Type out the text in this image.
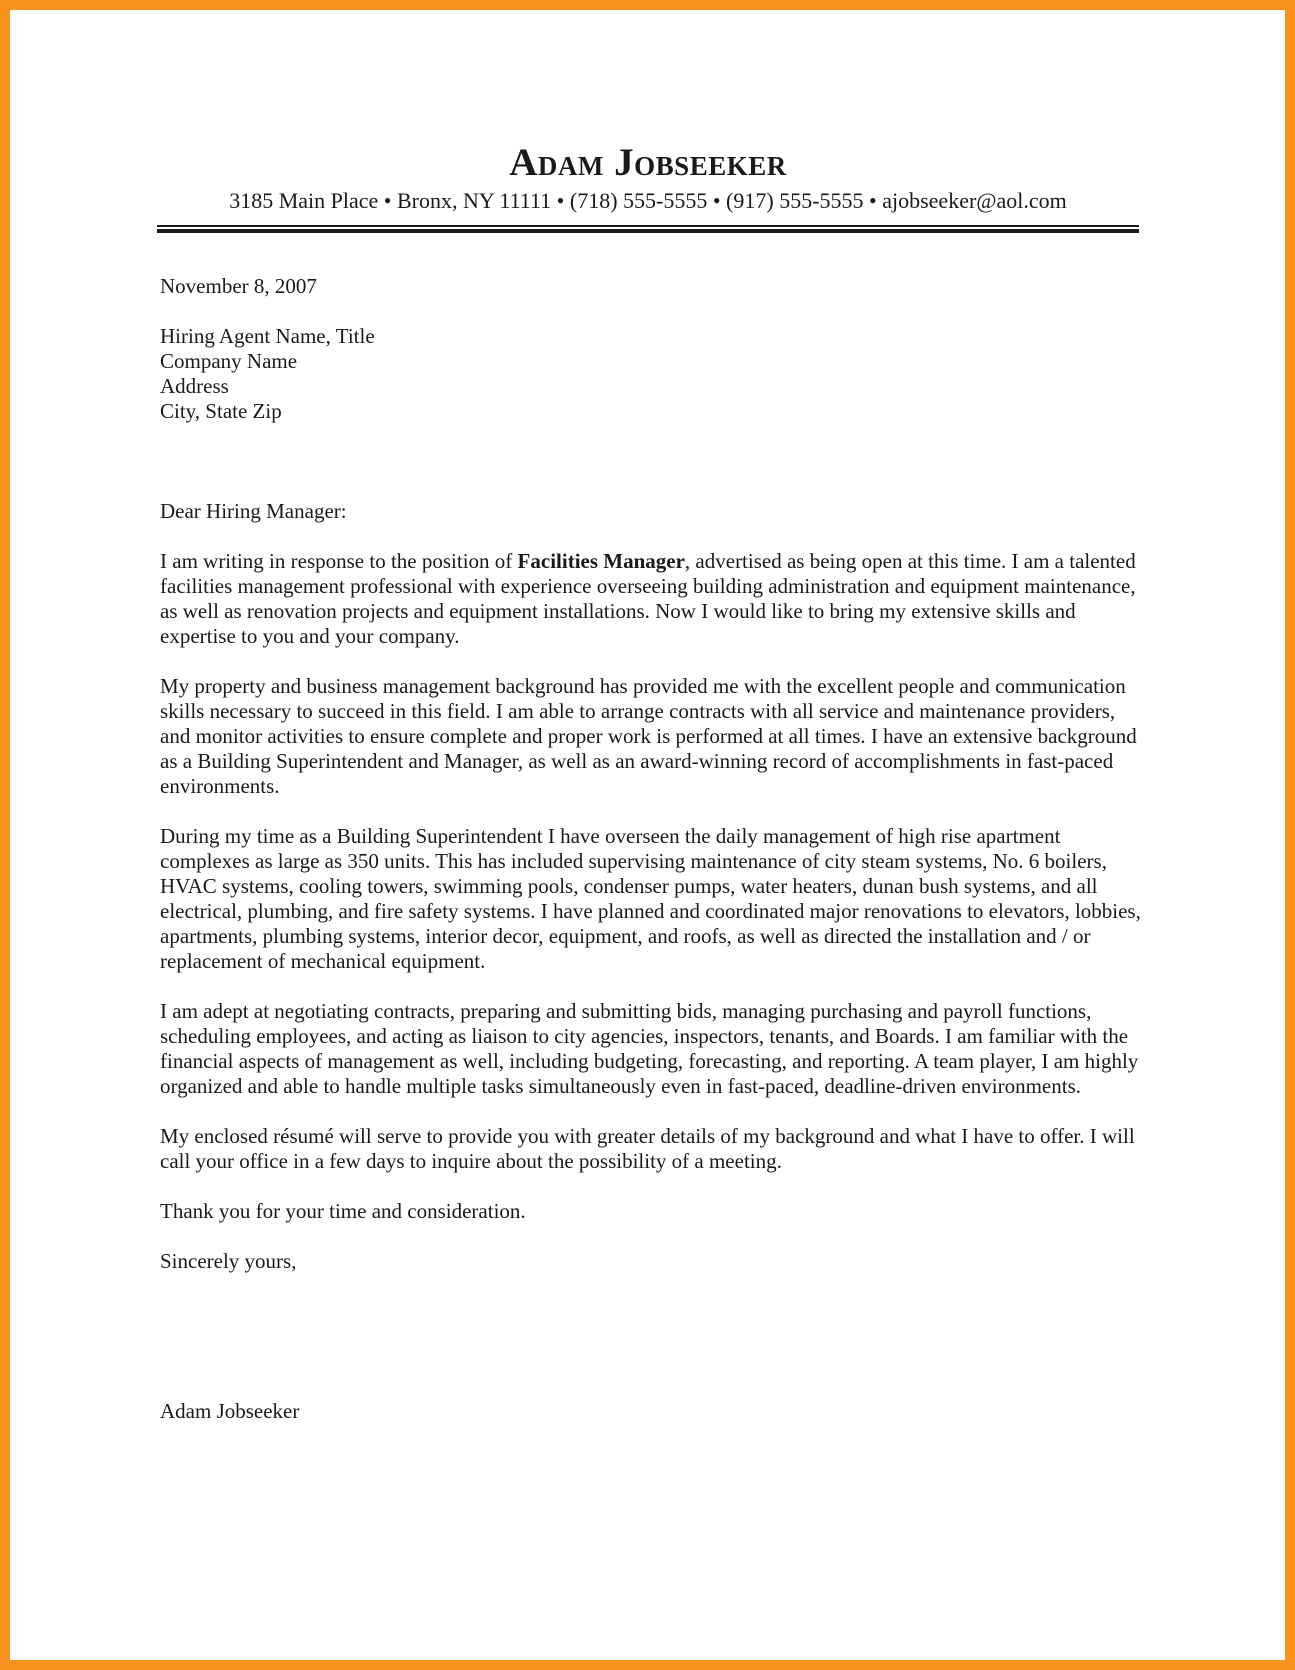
Adam Jobseeker
3185 Main Place • Bronx, NY 11111 • (718) 555-5555 • (917) 555-5555 • ajobseeker@aol.com

November 8, 2007

Hiring Agent Name, Title

Company Name

Address

City, State Zip

Dear Hiring Manager:

I am writing in response to the position of Facilities Manager, advertised as being open at this time. I am a talented facilities management professional with experience overseeing building administration and equipment maintenance, as well as renovation projects and equipment installations. Now I would like to bring my extensive skills and expertise to you and your company.

My property and business management background has provided me with the excellent people and communication skills necessary to succeed in this field. I am able to arrange contracts with all service and maintenance providers, and monitor activities to ensure complete and proper work is performed at all times. I have an extensive background as a Building Superintendent and Manager, as well as an award-winning record of accomplishments in fast-paced environments.

During my time as a Building Superintendent I have overseen the daily management of high rise apartment complexes as large as 350 units. This has included supervising maintenance of city steam systems, No. 6 boilers, HVAC systems, cooling towers, swimming pools, condenser pumps, water heaters, dunan bush systems, and all electrical, plumbing, and fire safety systems. I have planned and coordinated major renovations to elevators, lobbies, apartments, plumbing systems, interior decor, equipment, and roofs, as well as directed the installation and / or replacement of mechanical equipment.

I am adept at negotiating contracts, preparing and submitting bids, managing purchasing and payroll functions, scheduling employees, and acting as liaison to city agencies, inspectors, tenants, and Boards. I am familiar with the financial aspects of management as well, including budgeting, forecasting, and reporting. A team player, I am highly organized and able to handle multiple tasks simultaneously even in fast-paced, deadline-driven environments.

My enclosed résumé will serve to provide you with greater details of my background and what I have to offer. I will call your office in a few days to inquire about the possibility of a meeting.

Thank you for your time and consideration.

Sincerely yours,

Adam Jobseeker
